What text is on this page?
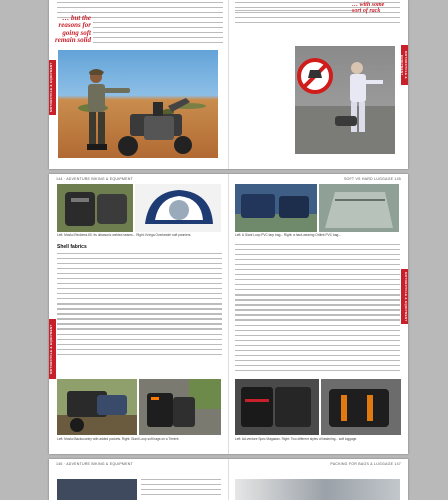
… but the
reasons for
going soft
remain solid
MOTORCYCLE & EQUIPMENT
… with some
sort of rack
MOTORCYCLE & EQUIPMENT
144 · ADVENTURE BIKING & EQUIPMENT
Left: Mosko Reckless 80. Its ultrasonic welded seams... Right: Kriega Overlander soft panniers.
Shell fabrics
MOTORCYCLE & EQUIPMENT
Left: Mosko Backcountry with added pockets. Right: Giant Loop soft bags on a Ténéré.
SOFT VS HARD LUGGAGE 145
Left: A Giant Loop PVC tarp bag... Right: a hard-wearing Ortlieb PVC bag...
MOTORCYCLE & EQUIPMENT
Left: Ad-venture Spec Magadan. Right: Two different styles of fastening... soft luggage.
146 · ADVENTURE BIKING & EQUIPMENT	PACKING FOR BAGS & LUGGAGE 147
